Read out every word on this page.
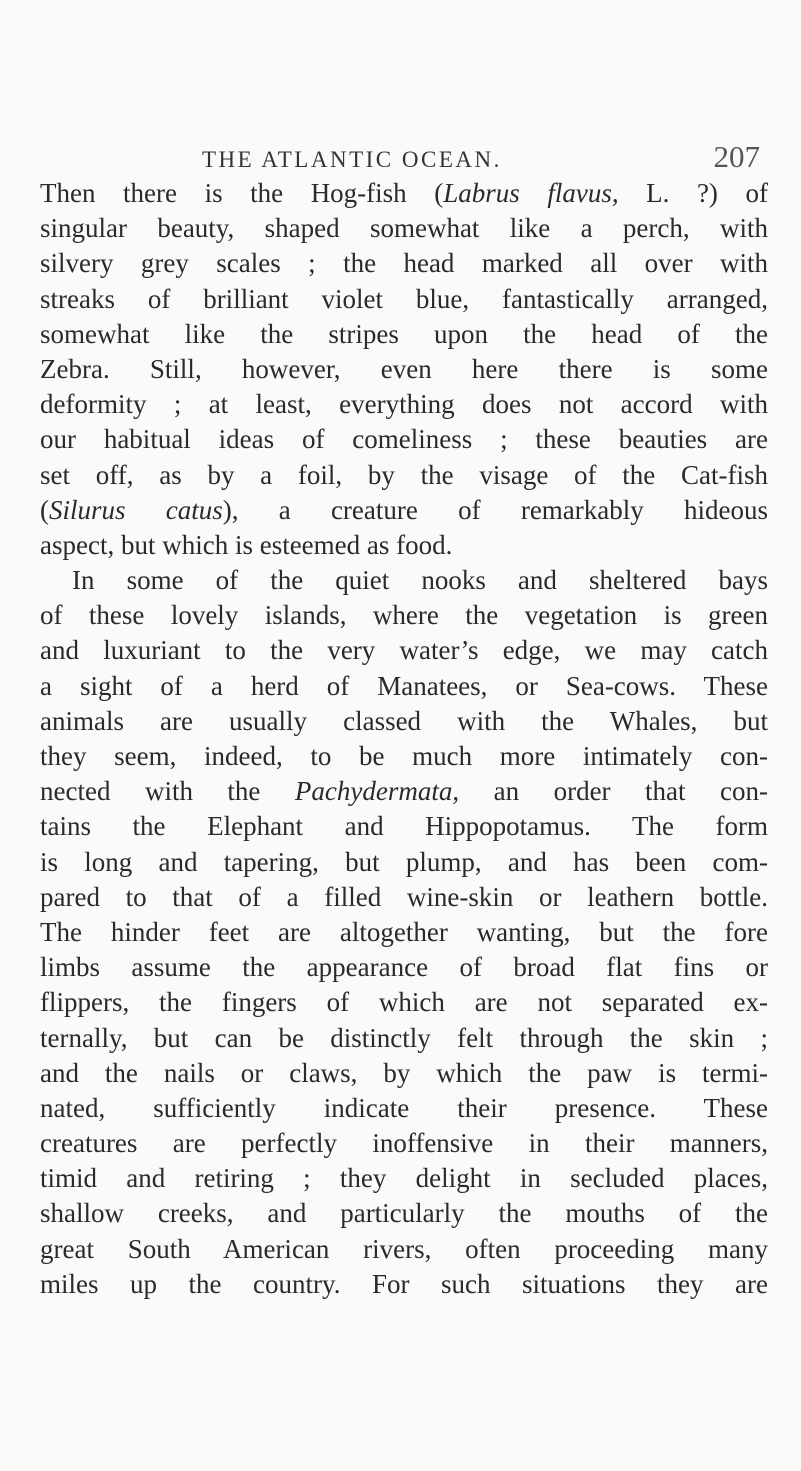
THE ATLANTIC OCEAN.	207
Then there is the Hog-fish (Labrus flavus, L. ?) of
singular beauty, shaped somewhat like a perch, with
silvery grey scales ; the head marked all over with
streaks of brilliant violet blue, fantastically arranged,
somewhat like the stripes upon the head of the
Zebra. Still, however, even here there is some
deformity ; at least, everything does not accord with
our habitual ideas of comeliness ; these beauties are
set off, as by a foil, by the visage of the Cat-fish
(Silurus catus), a creature of remarkably hideous
aspect, but which is esteemed as food.
In some of the quiet nooks and sheltered bays
of these lovely islands, where the vegetation is green
and luxuriant to the very water’s edge, we may catch
a sight of a herd of Manatees, or Sea-cows. These
animals are usually classed with the Whales, but
they seem, indeed, to be much more intimately con-
nected with the Pachydermata, an order that con-
tains the Elephant and Hippopotamus. The form
is long and tapering, but plump, and has been com-
pared to that of a filled wine-skin or leathern bottle.
The hinder feet are altogether wanting, but the fore
limbs assume the appearance of broad flat fins or
flippers, the fingers of which are not separated ex-
ternally, but can be distinctly felt through the skin ;
and the nails or claws, by which the paw is termi-
nated, sufficiently indicate their presence. These
creatures are perfectly inoffensive in their manners,
timid and retiring ; they delight in secluded places,
shallow creeks, and particularly the mouths of the
great South American rivers, often proceeding many
miles up the country. For such situations they are
